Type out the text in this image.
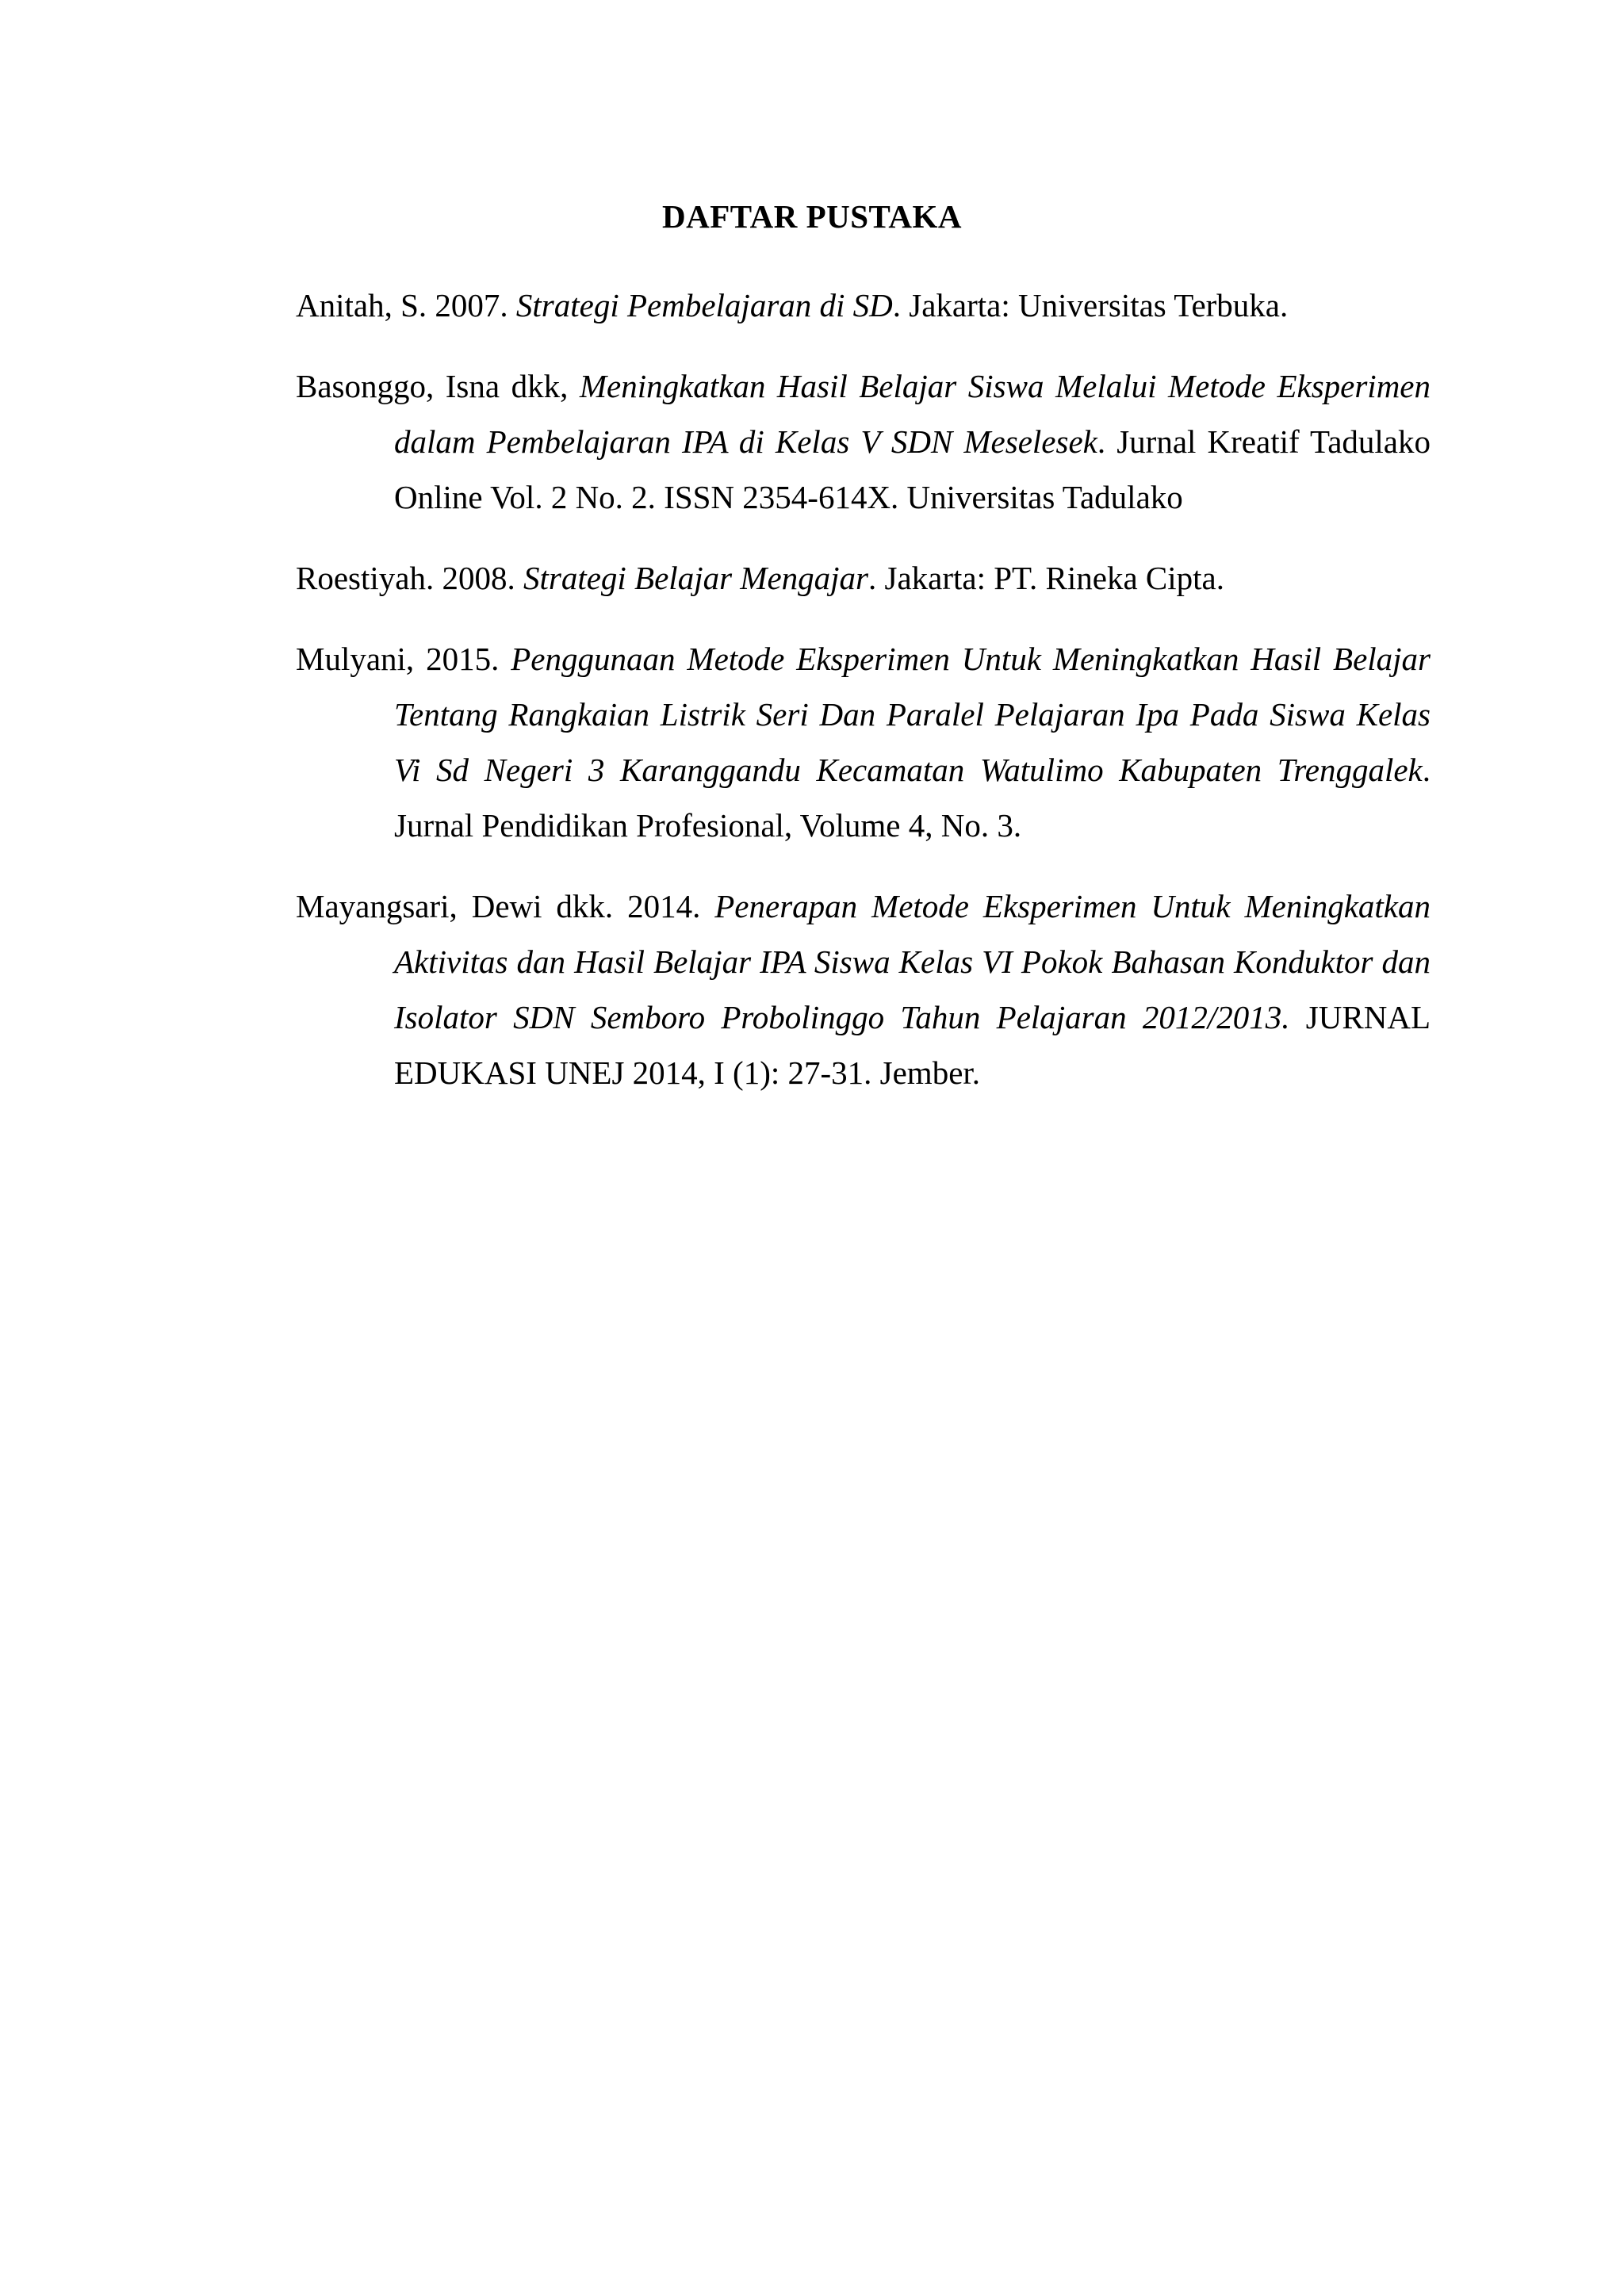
DAFTAR PUSTAKA
Anitah, S. 2007. Strategi Pembelajaran di SD. Jakarta: Universitas Terbuka.
Basonggo, Isna dkk, Meningkatkan Hasil Belajar Siswa Melalui Metode Eksperimen dalam Pembelajaran IPA di Kelas V SDN Meselesek. Jurnal Kreatif Tadulako Online Vol. 2 No. 2. ISSN 2354-614X. Universitas Tadulako
Roestiyah. 2008. Strategi Belajar Mengajar. Jakarta: PT. Rineka Cipta.
Mulyani, 2015. Penggunaan Metode Eksperimen Untuk Meningkatkan Hasil Belajar Tentang Rangkaian Listrik Seri Dan Paralel Pelajaran Ipa Pada Siswa Kelas Vi Sd Negeri 3 Karanggandu Kecamatan Watulimo Kabupaten Trenggalek. Jurnal Pendidikan Profesional, Volume 4, No. 3.
Mayangsari, Dewi dkk. 2014. Penerapan Metode Eksperimen Untuk Meningkatkan Aktivitas dan Hasil Belajar IPA Siswa Kelas VI Pokok Bahasan Konduktor dan Isolator SDN Semboro Probolinggo Tahun Pelajaran 2012/2013. JURNAL EDUKASI UNEJ 2014, I (1): 27-31. Jember.
